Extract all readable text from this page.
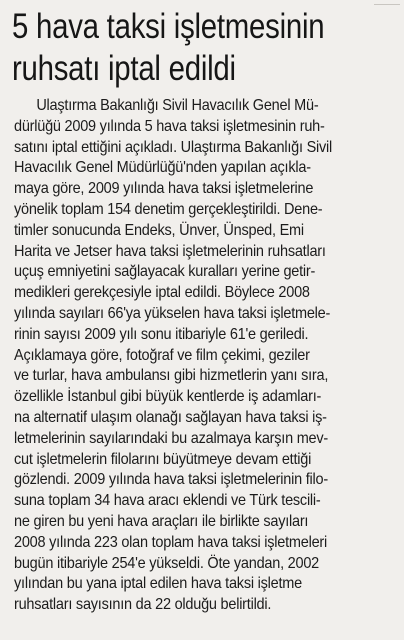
5 hava taksi işletmesinin
ruhsatı iptal edildi
Ulaştırma Bakanlığı Sivil Havacılık Genel Mü-
dürlüğü 2009 yılında 5 hava taksi işletmesinin ruh-
satını iptal ettiğini açıkladı. Ulaştırma Bakanlığı Sivil
Havacılık Genel Müdürlüğü'nden yapılan açıkla-
maya göre, 2009 yılında hava taksi işletmelerine
yönelik toplam 154 denetim gerçekleştirildi. Dene-
timler sonucunda Endeks, Ünver, Ünsped, Emi
Harita ve Jetser hava taksi işletmelerinin ruhsatları
uçuş emniyetini sağlayacak kuralları yerine getir-
medikleri gerekçesiyle iptal edildi. Böylece 2008
yılında sayıları 66'ya yükselen hava taksi işletmele-
rinin sayısı 2009 yılı sonu itibariyle 61'e geriledi.
Açıklamaya göre, fotoğraf ve film çekimi, geziler
ve turlar, hava ambulansı gibi hizmetlerin yanı sıra,
özellikle İstanbul gibi büyük kentlerde iş adamları-
na alternatif ulaşım olanağı sağlayan hava taksi iş-
letmelerinin sayılarındaki bu azalmaya karşın mev-
cut işletmelerin filolarını büyütmeye devam ettiği
gözlendi. 2009 yılında hava taksi işletmelerinin filo-
suna toplam 34 hava aracı eklendi ve Türk tescili-
ne giren bu yeni hava araçları ile birlikte sayıları
2008 yılında 223 olan toplam hava taksi işletmeleri
bugün itibariyle 254'e yükseldi. Öte yandan, 2002
yılından bu yana iptal edilen hava taksi işletme
ruhsatları sayısının da 22 olduğu belirtildi.
